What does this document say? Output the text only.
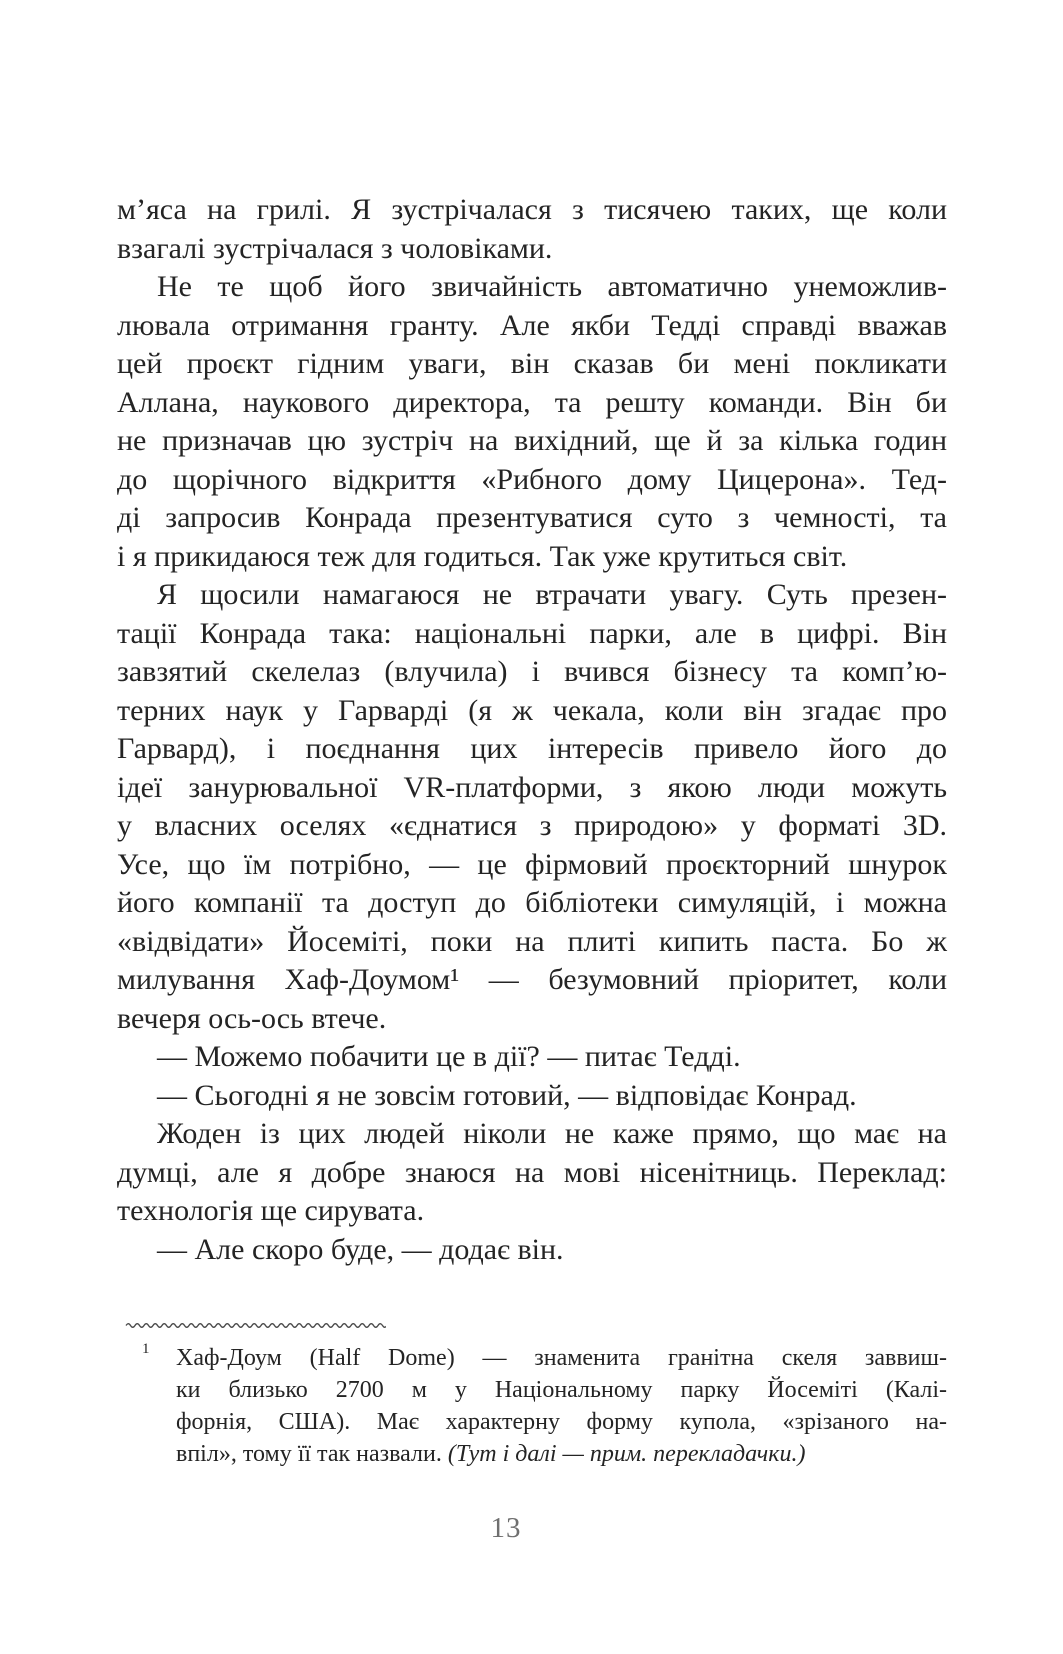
м’яса на грилі. Я зустрічалася з тисячею таких, ще коли
взагалі зустрічалася з чоловіками.
Не те щоб його звичайність автоматично унеможлив-
лювала отримання гранту. Але якби Тедді справді вважав
цей проєкт гідним уваги, він сказав би мені покликати
Аллана, наукового директора, та решту команди. Він би
не призначав цю зустріч на вихідний, ще й за кілька годин
до щорічного відкриття «Рибного дому Цицерона». Тед-
ді запросив Конрада презентуватися суто з чемності, та
і я прикидаюся теж для годиться. Так уже крутиться світ.
Я щосили намагаюся не втрачати увагу. Суть презен-
тації Конрада така: національні парки, але в цифрі. Він
завзятий скелелаз (влучила) і вчився бізнесу та комп’ю-
терних наук у Гарварді (я ж чекала, коли він згадає про
Гарвард), і поєднання цих інтересів привело його до
ідеї занурювальної VR-платформи, з якою люди можуть
у власних оселях «єднатися з природою» у форматі 3D.
Усе, що їм потрібно, — це фірмовий проєкторний шнурок
його компанії та доступ до бібліотеки симуляцій, і можна
«відвідати» Йосеміті, поки на плиті кипить паста. Бо ж
милування Хаф-Доумом¹ — безумовний пріоритет, коли
вечеря ось-ось втече.
— Можемо побачити це в дії? — питає Тедді.
— Сьогодні я не зовсім готовий, — відповідає Конрад.
Жоден із цих людей ніколи не каже прямо, що має на
думці, але я добре знаюся на мові нісенітниць. Переклад:
технологія ще сирувата.
— Але скоро буде, — додає він.
1 Хаф-Доум (Half Dome) — знаменита гранітна скеля заввиш-
ки близько 2700 м у Національному парку Йосеміті (Калі-
форнія, США). Має характерну форму купола, «зрізаного на-
впіл», тому її так назвали. (Тут і далі — прим. перекладачки.)
13
